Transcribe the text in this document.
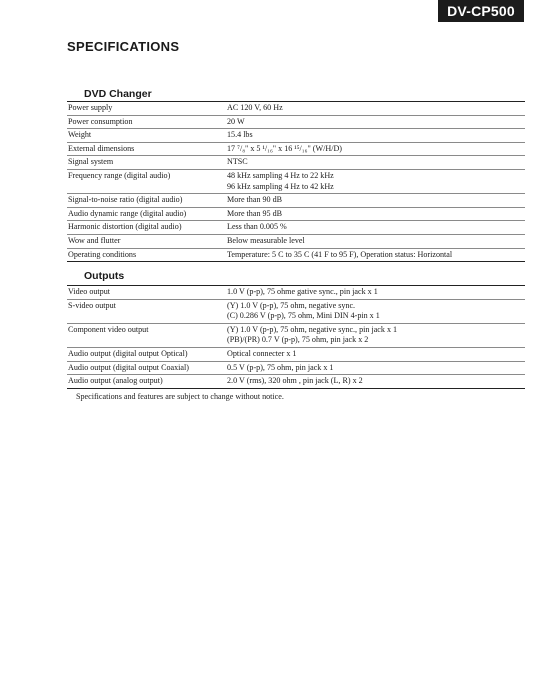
DV-CP500
SPECIFICATIONS
DVD Changer
Power supply	AC 120 V, 60 Hz

Power consumption	20 W

Weight	15.4 lbs

External dimensions	17 ⁷/₈" x 5 ¹/₁₆" x 16 ¹⁵/₁₆" (W/H/D)

Signal system	NTSC

Frequency range (digital audio)	48 kHz sampling 4 Hz to 22 kHz
96 kHz sampling 4 Hz to 42 kHz

Signal-to-noise ratio (digital audio)	More than 90 dB

Audio dynamic range (digital audio)	More than 95 dB

Harmonic distortion (digital audio)	Less than 0.005 %

Wow and flutter	Below measurable level

Operating conditions	Temperature: 5 C to 35 C (41 F to 95 F), Operation status: Horizontal
Outputs
Video output	1.0 V (p-p), 75 ohme gative sync., pin jack x 1

S-video output	(Y) 1.0 V (p-p), 75 ohm, negative sync.
(C) 0.286 V (p-p), 75 ohm, Mini DIN 4-pin x 1

Component video output	(Y) 1.0 V (p-p), 75 ohm, negative sync., pin jack x 1
(PB)/(PR) 0.7 V (p-p), 75 ohm, pin jack x 2

Audio output (digital output Optical)	Optical connecter x 1

Audio output (digital output Coaxial)	0.5 V (p-p), 75 ohm, pin jack x 1

Audio output (analog output)	2.0 V (rms), 320 ohm , pin jack (L, R) x 2

Specifications and features are subject to change without notice.
